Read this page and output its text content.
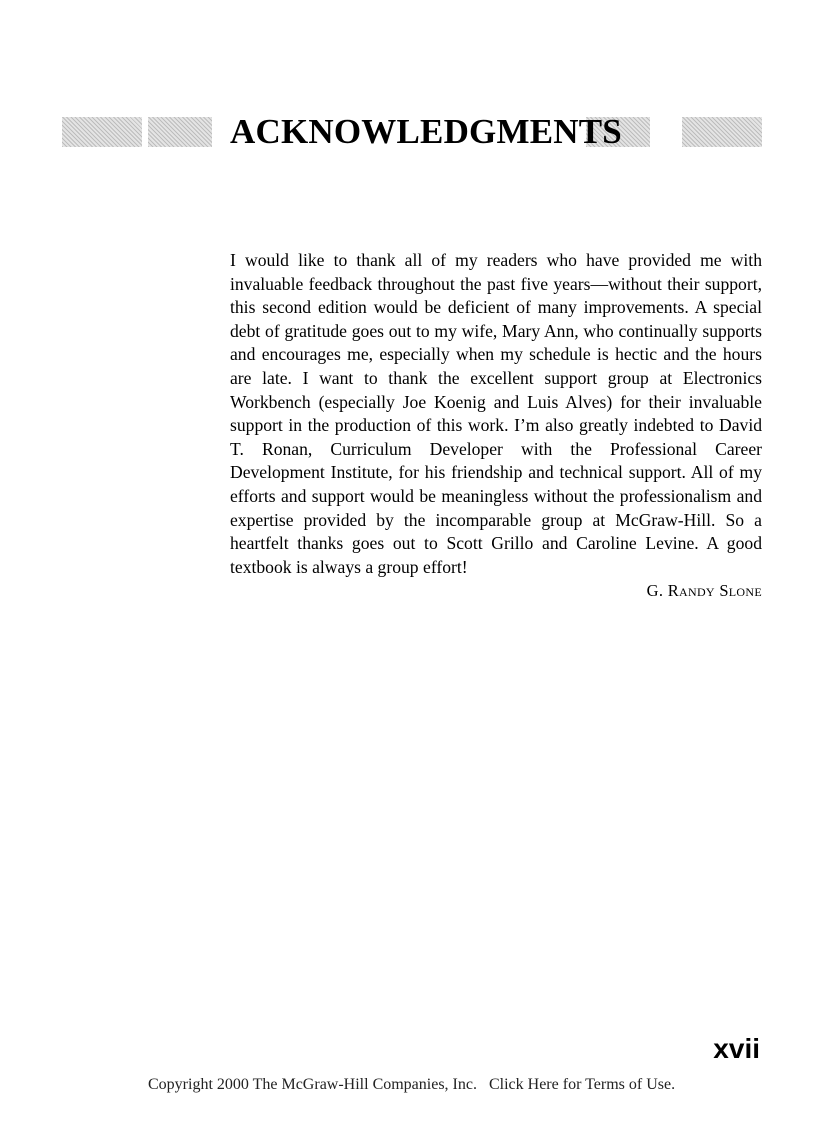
ACKNOWLEDGMENTS

I would like to thank all of my readers who have provided me with invaluable feedback throughout the past five years—without their support, this second edition would be deficient of many improvements. A special debt of gratitude goes out to my wife, Mary Ann, who continually supports and encourages me, especially when my schedule is hectic and the hours are late. I want to thank the excellent support group at Electronics Workbench (especially Joe Koenig and Luis Alves) for their invaluable support in the production of this work. I’m also greatly indebted to David T. Ronan, Curriculum Developer with the Professional Career Development Institute, for his friendship and technical support. All of my efforts and support would be meaningless without the professionalism and expertise provided by the incomparable group at McGraw-Hill. So a heartfelt thanks goes out to Scott Grillo and Caroline Levine. A good textbook is always a group effort!

G. Randy Slone

xvii

Copyright 2000 The McGraw-Hill Companies, Inc. Click Here for Terms of Use.
